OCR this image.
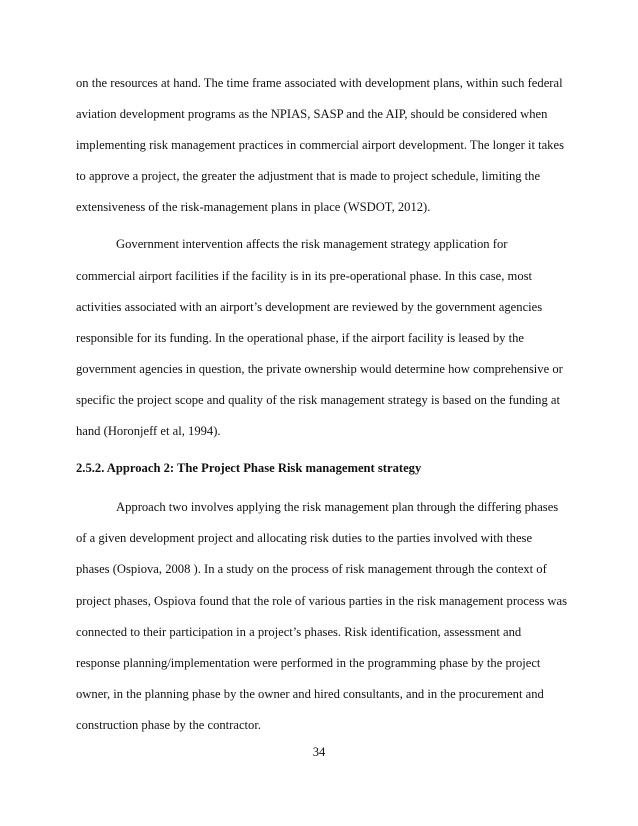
on the resources at hand. The time frame associated with development plans, within such federal
aviation development programs as the NPIAS, SASP and the AIP, should be considered when
implementing risk management practices in commercial airport development. The longer it takes
to approve a project, the greater the adjustment that is made to project schedule, limiting the
extensiveness of the risk-management plans in place (WSDOT, 2012).
Government intervention affects the risk management strategy application for
commercial airport facilities if the facility is in its pre-operational phase. In this case, most
activities associated with an airport’s development are reviewed by the government agencies
responsible for its funding. In the operational phase, if the airport facility is leased by the
government agencies in question, the private ownership would determine how comprehensive or
specific the project scope and quality of the risk management strategy is based on the funding at
hand (Horonjeff et al, 1994).
2.5.2. Approach 2: The Project Phase Risk management strategy
Approach two involves applying the risk management plan through the differing phases
of a given development project and allocating risk duties to the parties involved with these
phases (Ospiova, 2008 ). In a study on the process of risk management through the context of
project phases, Ospiova found that the role of various parties in the risk management process was
connected to their participation in a project’s phases. Risk identification, assessment and
response planning/implementation were performed in the programming phase by the project
owner, in the planning phase by the owner and hired consultants, and in the procurement and
construction phase by the contractor.
34
